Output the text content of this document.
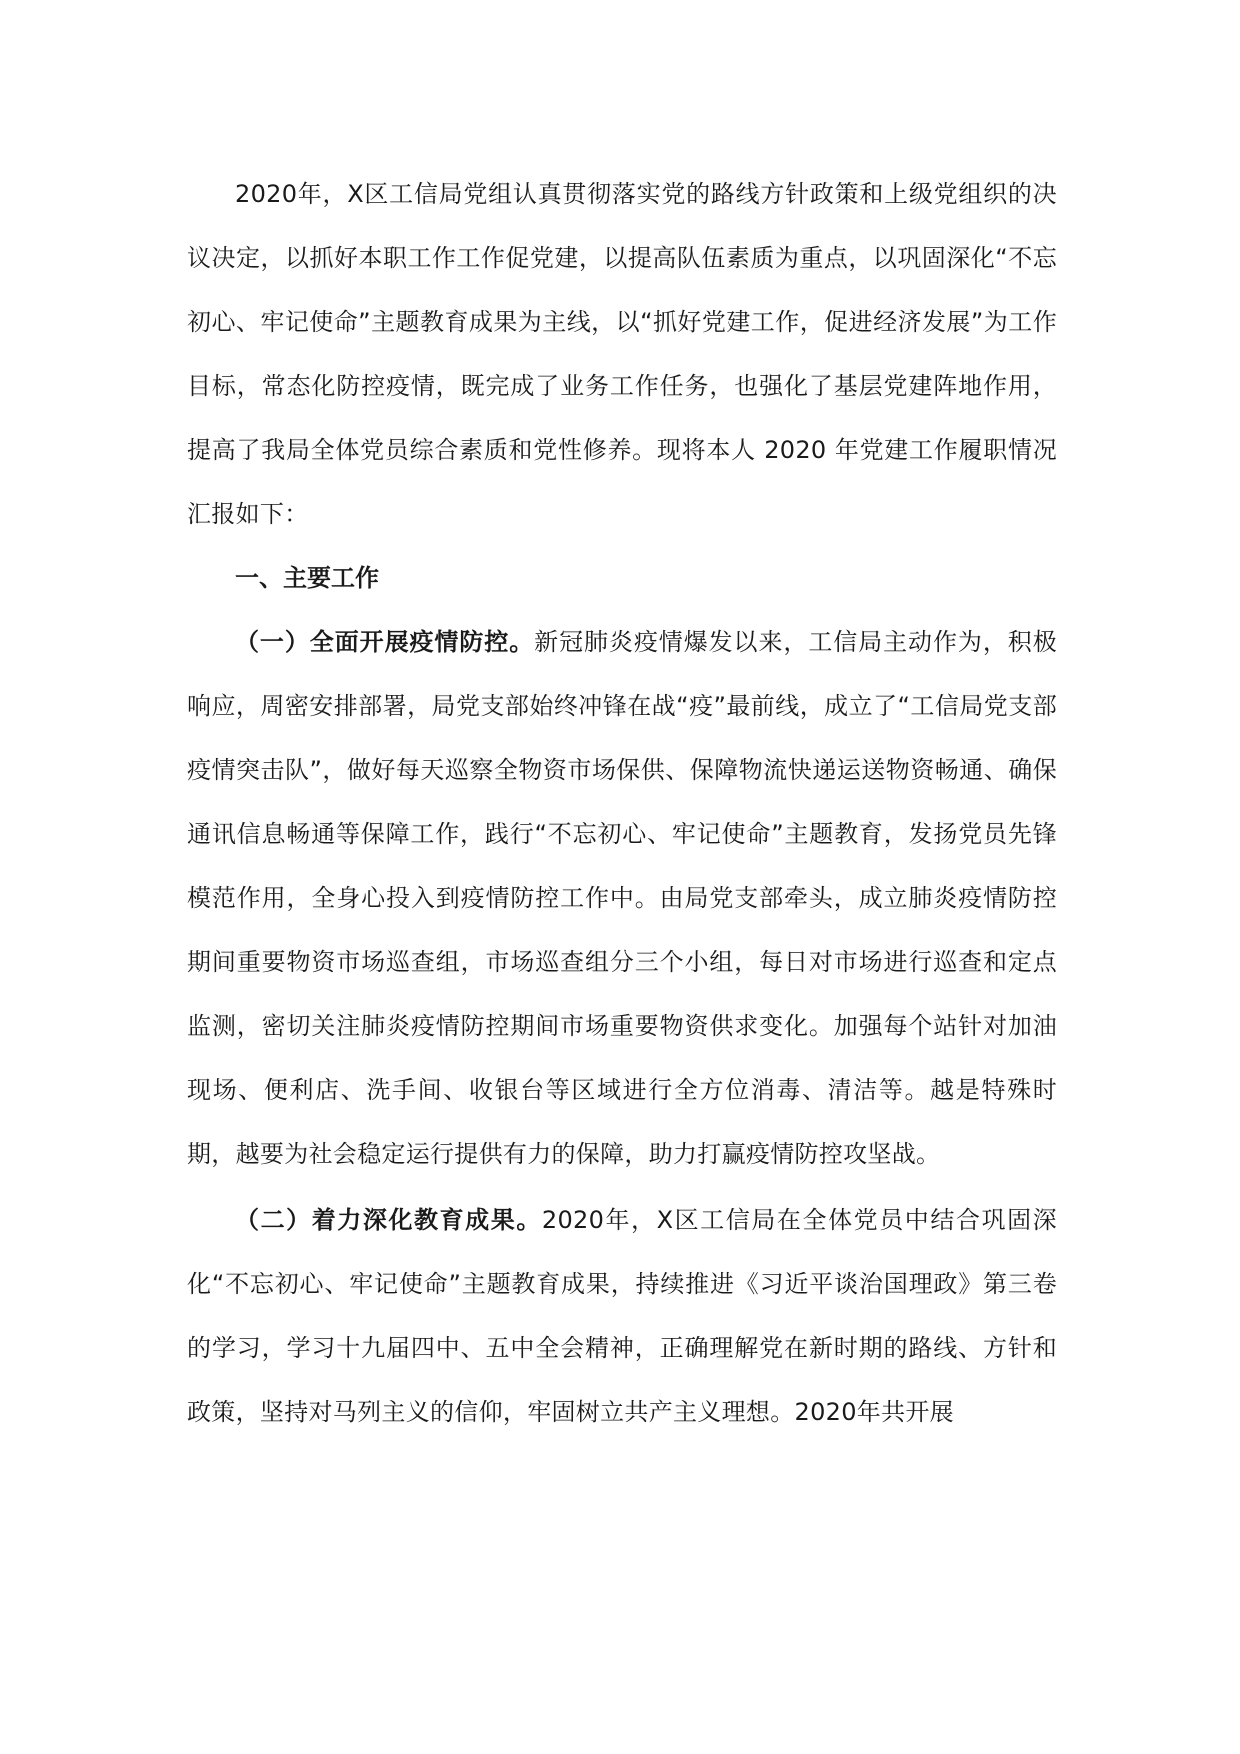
2020年，X区工信局党组认真贯彻落实党的路线方针政策和上级党组织的决议决定，以抓好本职工作工作促党建，以提高队伍素质为重点，以巩固深化“不忘初心、牢记使命”主题教育成果为主线，以“抓好党建工作，促进经济发展”为工作目标，常态化防控疫情，既完成了业务工作任务，也强化了基层党建阵地作用，提高了我局全体党员综合素质和党性修养。现将本人 2020 年党建工作履职情况汇报如下：

一、主要工作

（一）全面开展疫情防控。新冠肺炎疫情爆发以来，工信局主动作为，积极响应，周密安排部署，局党支部始终冲锋在战“疫”最前线，成立了“工信局党支部疫情突击队”，做好每天巡察全物资市场保供、保障物流快递运送物资畅通、确保通讯信息畅通等保障工作，践行“不忘初心、牢记使命”主题教育，发扬党员先锋模范作用，全身心投入到疫情防控工作中。由局党支部牵头，成立肺炎疫情防控期间重要物资市场巡查组，市场巡查组分三个小组，每日对市场进行巡查和定点监测，密切关注肺炎疫情防控期间市场重要物资供求变化。加强每个站针对加油现场、便利店、洗手间、收银台等区域进行全方位消毒、清洁等。越是特殊时期，越要为社会稳定运行提供有力的保障，助力打赢疫情防控攻坚战。

（二）着力深化教育成果。2020年，X区工信局在全体党员中结合巩固深化“不忘初心、牢记使命”主题教育成果，持续推进《习近平谈治国理政》第三卷的学习，学习十九届四中、五中全会精神，正确理解党在新时期的路线、方针和政策，坚持对马列主义的信仰，牢固树立共产主义理想。2020年共开展
